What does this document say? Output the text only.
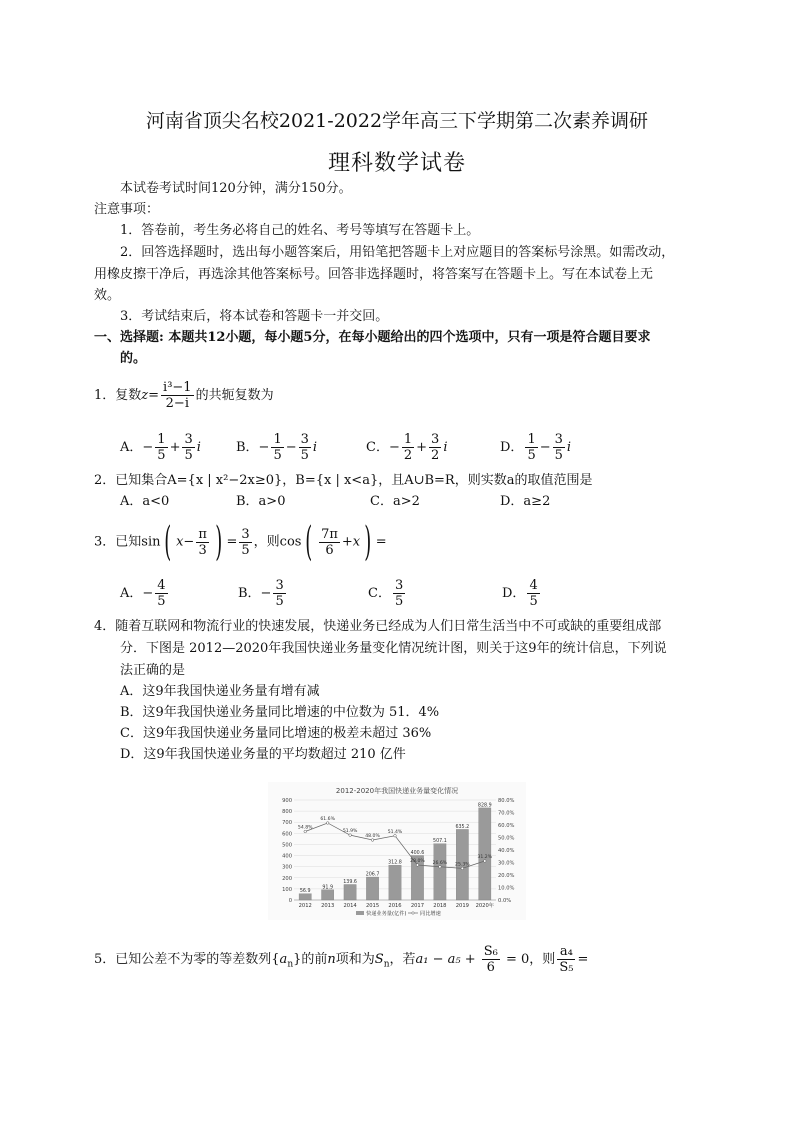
河南省顶尖名校2021-2022学年高三下学期第二次素养调研
理科数学试卷
本试卷考试时间120分钟，满分150分。
注意事项：
1．答卷前，考生务必将自己的姓名、考号等填写在答题卡上。
2．回答选择题时，选出每小题答案后，用铅笔把答题卡上对应题目的答案标号涂黑。如需改动，
用橡皮擦干净后，再选涂其他答案标号。回答非选择题时，将答案写在答题卡上。写在本试卷上无
效。
3．考试结束后，将本试卷和答题卡一并交回。
一、选择题: 本题共12小题，每小题5分，在每小题给出的四个选项中，只有一项是符合题目要求
的。
1．复数$z= \frac{\text{i³−1}}{2-i}$ 的共轭复数为
A．− $\frac{1}{5} + \frac{3}{5}$ i	B．− $\frac{1}{5} - \frac{3}{5}$ i	C．− $\frac{1}{2} + \frac{3}{2}$ i	D． $\frac{1}{5} - \frac{3}{5}$ i
2．已知集合A={x | x²−2x≥0}，B={x | x<a}，且A∪B=R，则实数a的取值范围是
A．a<0	B．a>0	C．a>2	D．a≥2
3．已知sin ( $x- \frac{\pi}{3}$ ) = $\frac{3}{5}$ ，则cos ( $\frac{7\pi}{6} +x$ ) =
A．− $\frac{4}{5}$	B．− $\frac{3}{5}$	C． $\frac{3}{5}$	D． $\frac{4}{5}$
4．随着互联网和物流行业的快速发展，快递业务已经成为人们日常生活当中不可或缺的重要组成部
分．下图是 2012—2020年我国快递业务量变化情况统计图，则关于这9年的统计信息，下列说
法正确的是
A．这9年我国快递业务量有增有减
B．这9年我国快递业务量同比增速的中位数为 51．4%
C．这9年我国快递业务量同比增速的极差未超过 36%
D．这9年我国快递业务量的平均数超过 210 亿件
2012-2020年我国快递业务量变化情况
0
100
200
300
400
500
600
700
800
900
0.0%
10.0%
20.0%
30.0%
40.0%
50.0%
60.0%
70.0%
80.0%
56.9
2012
91.9
2013
139.6
2014
206.7
2015
312.8
2016
400.6
2017
507.1
2018
635.2
2019
828.9
2020年
54.8%
61.6%
51.9%
48.0%
51.4%
28.0% 26.6% 25.3%
31.2%
快递业务量(亿件)	同比增速
5．已知公差不为零的等差数列$\{a_n\}$的前n项和为$S_n$，若$a_1 - a_5 + \frac{\text{S₆}}{6} = 0$，则 $\frac{\text{a₄}}{\text{S₅}}$ =
